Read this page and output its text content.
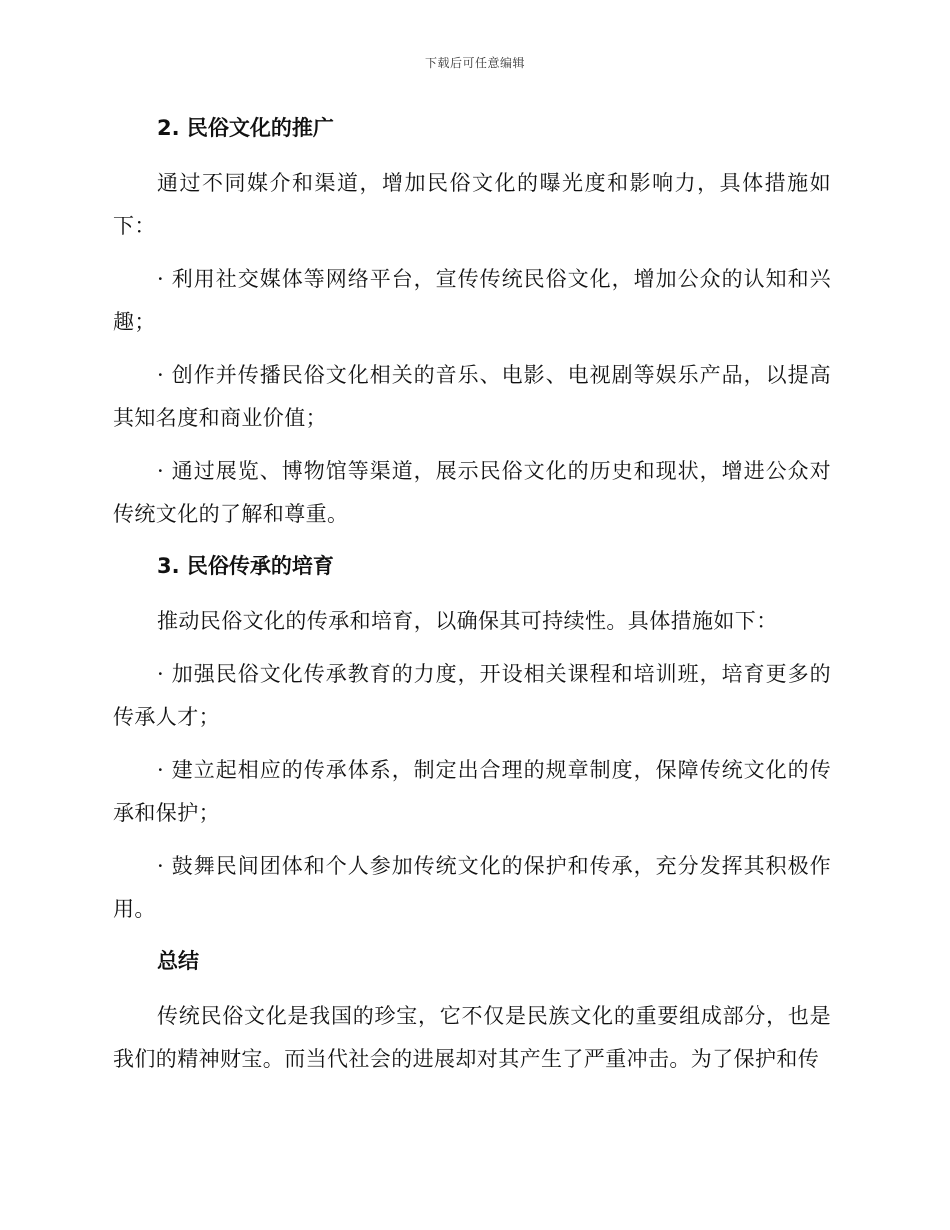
下载后可任意编辑
2. 民俗文化的推广

通过不同媒介和渠道，增加民俗文化的曝光度和影响力，具体措施如下：

· 利用社交媒体等网络平台，宣传传统民俗文化，增加公众的认知和兴趣；

· 创作并传播民俗文化相关的音乐、电影、电视剧等娱乐产品，以提高其知名度和商业价值；

· 通过展览、博物馆等渠道，展示民俗文化的历史和现状，增进公众对传统文化的了解和尊重。

3. 民俗传承的培育

推动民俗文化的传承和培育，以确保其可持续性。具体措施如下：

· 加强民俗文化传承教育的力度，开设相关课程和培训班，培育更多的传承人才；

· 建立起相应的传承体系，制定出合理的规章制度，保障传统文化的传承和保护；

· 鼓舞民间团体和个人参加传统文化的保护和传承，充分发挥其积极作用。

总结

传统民俗文化是我国的珍宝，它不仅是民族文化的重要组成部分，也是我们的精神财宝。而当代社会的进展却对其产生了严重冲击。为了保护和传
